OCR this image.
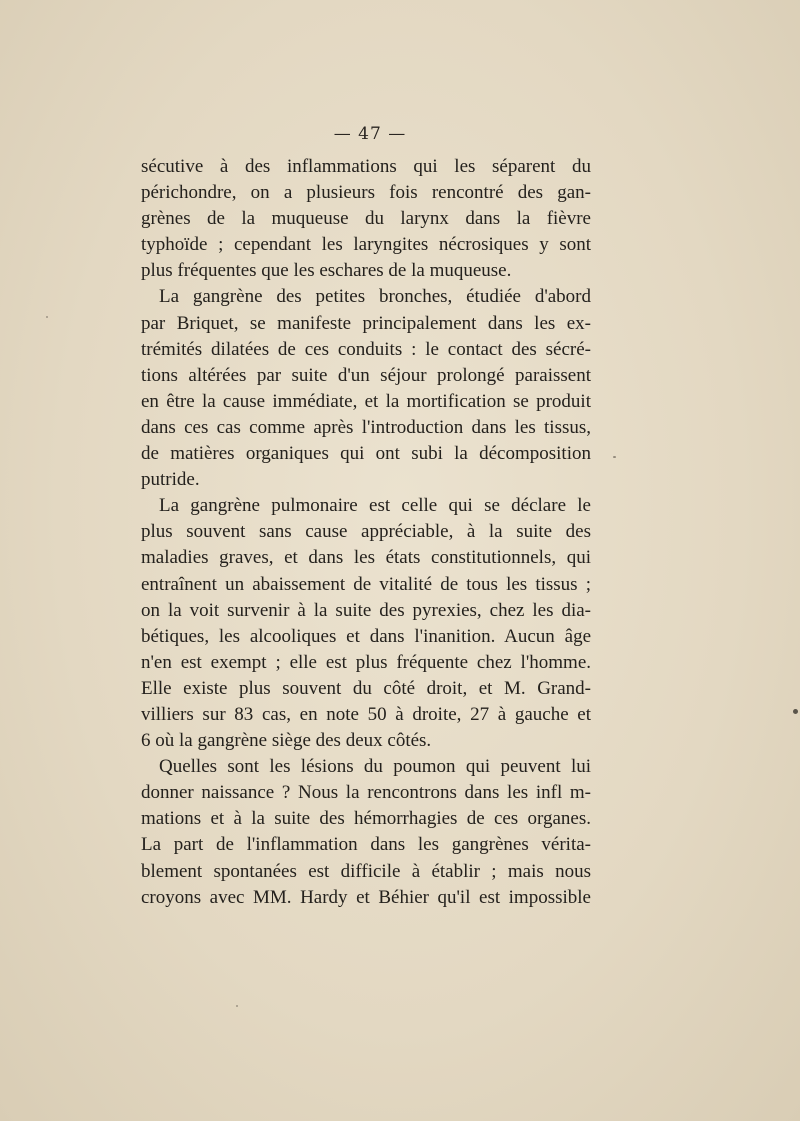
— 47 —
sécutive à des inflammations qui les séparent du
périchondre, on a plusieurs fois rencontré des gan-
grènes de la muqueuse du larynx dans la fièvre
typhoïde ; cependant les laryngites nécrosiques y sont
plus fréquentes que les eschares de la muqueuse.
La gangrène des petites bronches, étudiée d'abord
par Briquet, se manifeste principalement dans les ex-
trémités dilatées de ces conduits : le contact des sécré-
tions altérées par suite d'un séjour prolongé paraissent
en être la cause immédiate, et la mortification se produit
dans ces cas comme après l'introduction dans les tissus,
de matières organiques qui ont subi la décomposition
putride.
La gangrène pulmonaire est celle qui se déclare le
plus souvent sans cause appréciable, à la suite des
maladies graves, et dans les états constitutionnels, qui
entraînent un abaissement de vitalité de tous les tissus ;
on la voit survenir à la suite des pyrexies, chez les dia-
bétiques, les alcooliques et dans l'inanition. Aucun âge
n'en est exempt ; elle est plus fréquente chez l'homme.
Elle existe plus souvent du côté droit, et M. Grand-
villiers sur 83 cas, en note 50 à droite, 27 à gauche et
6 où la gangrène siège des deux côtés.
Quelles sont les lésions du poumon qui peuvent lui
donner naissance ? Nous la rencontrons dans les infl m-
mations et à la suite des hémorrhagies de ces organes.
La part de l'inflammation dans les gangrènes vérita-
blement spontanées est difficile à établir ; mais nous
croyons avec MM. Hardy et Béhier qu'il est impossible
